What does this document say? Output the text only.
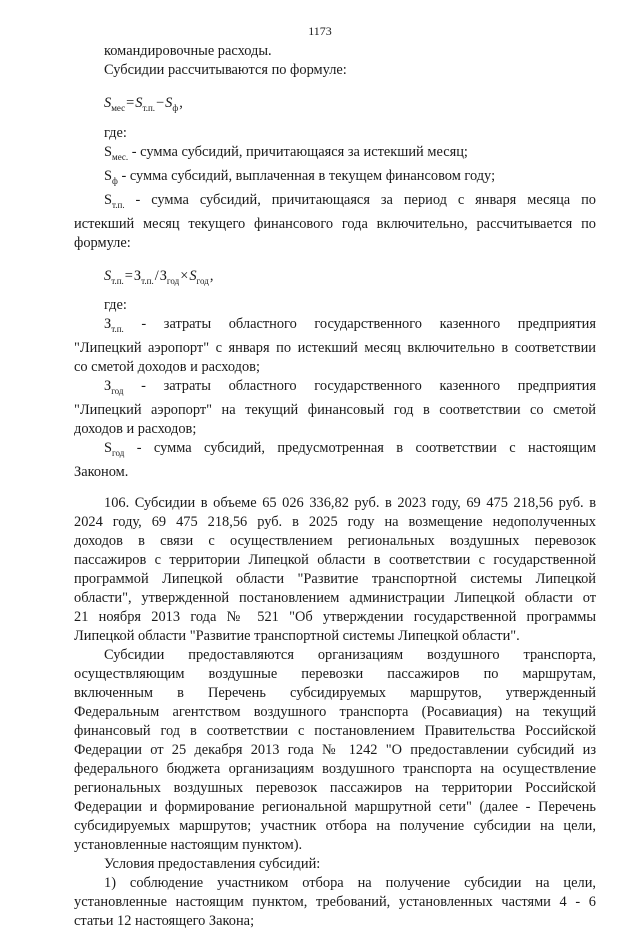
1173

командировочные расходы.

Субсидии рассчитываются по формуле:

$S_{мес}=S_{т.п.}-S_ф$,

где:

$S_{мес.}$ - сумма субсидий, причитающаяся за истекший месяц;

$S_ф$ - сумма субсидий, выплаченная в текущем финансовом году;

$S_{т.п.}$ - сумма субсидий, причитающаяся за период с января месяца по

истекший месяц текущего финансового года включительно, рассчитывается по

формуле:

$S_{т.п.}=З_{т.п.}/З_{год}\times S_{год}$,

где:

$З_{т.п.}$ - затраты областного государственного казенного предприятия

"Липецкий аэропорт" с января по истекший месяц включительно в соответствии

со сметой доходов и расходов;

$З_{год}$ - затраты областного государственного казенного предприятия

"Липецкий аэропорт" на текущий финансовый год в соответствии со сметой

доходов и расходов;

$S_{год}$ - сумма субсидий, предусмотренная в соответствии с настоящим

Законом.

106. Субсидии в объеме 65 026 336,82 руб. в 2023 году, 69 475 218,56 руб. в

2024 году, 69 475 218,56 руб. в 2025 году на возмещение недополученных

доходов в связи с осуществлением региональных воздушных перевозок

пассажиров с территории Липецкой области в соответствии с государственной

программой Липецкой области "Развитие транспортной системы Липецкой

области", утвержденной постановлением администрации Липецкой области от

21 ноября 2013 года № 521 "Об утверждении государственной программы

Липецкой области "Развитие транспортной системы Липецкой области".

Субсидии предоставляются организациям воздушного транспорта,

осуществляющим воздушные перевозки пассажиров по маршрутам,

включенным в Перечень субсидируемых маршрутов, утвержденный

Федеральным агентством воздушного транспорта (Росавиация) на текущий

финансовый год в соответствии с постановлением Правительства Российской

Федерации от 25 декабря 2013 года № 1242 "О предоставлении субсидий из

федерального бюджета организациям воздушного транспорта на осуществление

региональных воздушных перевозок пассажиров на территории Российской

Федерации и формирование региональной маршрутной сети" (далее - Перечень

субсидируемых маршрутов; участник отбора на получение субсидии на цели,

установленные настоящим пунктом).

Условия предоставления субсидий:

1) соблюдение участником отбора на получение субсидии на цели,

установленные настоящим пунктом, требований, установленных частями 4 - 6

статьи 12 настоящего Закона;
